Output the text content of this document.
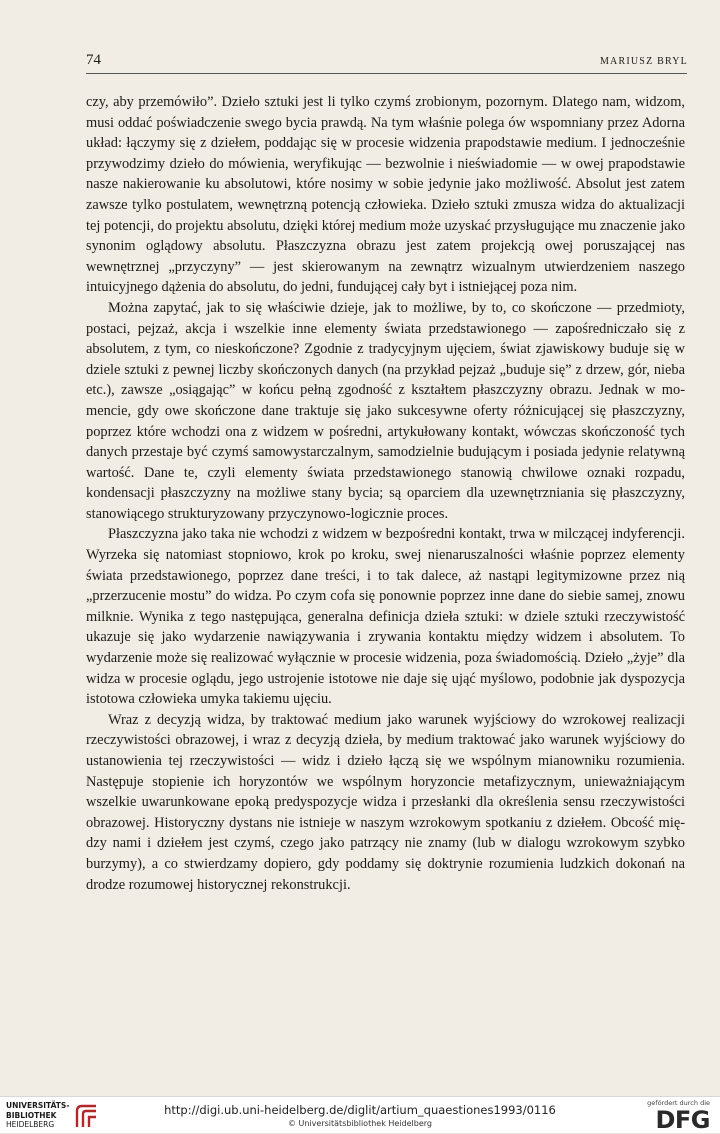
74	MARIUSZ BRYL

czy, aby przemówiło”. Dzieło sztuki jest li tylko czymś zrobionym, pozornym. Dlatego nam, widzom, musi oddać poświadczenie swego bycia prawdą. Na tym właśnie polega ów wspomniany przez Adorna układ: łączymy się z dziełem, poddając się w procesie widzenia prapodstawie medium. I jednocześnie przywodzimy dzieło do mówienia, weryfikując — bezwolnie i nieświadomie — w owej prapodstawie nasze nakierowanie ku absolutowi, które nosimy w sobie jedynie jako możliwość. Absolut jest zatem zawsze tylko postulatem, wewnętrzną potencją człowieka. Dzieło sztuki zmusza widza do aktualizacji tej potencji, do projektu absolutu, dzięki której medium może uzyskać przysługujące mu znaczenie jako synonim oglądowy absolutu. Płaszczyzna obrazu jest zatem projekcją owej poruszającej nas wewnętrznej „przyczyny” — jest skierowanym na zewnątrz wizualnym utwierdzeniem naszego intuicyjnego dążenia do absolutu, do jedni, fundującej cały byt i istniejącej poza nim.

Można zapytać, jak to się właściwie dzieje, jak to możliwe, by to, co skończone — przedmioty, postaci, pejzaż, akcja i wszelkie inne elementy świata przedstawionego — zapośredniczało się z absolutem, z tym, co nieskończone? Zgodnie z tradycyjnym ujęciem, świat zjawiskowy buduje się w dziele sztuki z pewnej liczby skończonych danych (na przykład pejzaż „buduje się” z drzew, gór, nieba etc.), zawsze „osiągając” w końcu pełną zgodność z kształtem płaszczyzny obrazu. Jednak w momencie, gdy owe skończone dane traktuje się jako sukcesywne oferty różnicującej się płaszczyzny, poprzez które wchodzi ona z widzem w pośredni, artykułowany kontakt, wówczas skończoność tych danych przestaje być czymś samowystarczalnym, samodzielnie budującym i posiada jedynie relatywną wartość. Dane te, czyli elementy świata przedstawionego stanowią chwilowe oznaki rozpadu, kondensacji płaszczyzny na możliwe stany bycia; są oparciem dla uzewnętrzniania się płaszczyzny, stanowiącego strukturyzowany przyczynowo-logicznie proces.

Płaszczyzna jako taka nie wchodzi z widzem w bezpośredni kontakt, trwa w milczącej indyferencji. Wyrzeka się natomiast stopniowo, krok po kroku, swej nienaruszalności właśnie poprzez elementy świata przedstawionego, poprzez dane treści, i to tak dalece, aż nastąpi legitymizowne przez nią „przerzucenie mostu” do widza. Po czym cofa się ponownie poprzez inne dane do siebie samej, znowu milknie. Wynika z tego następująca, generalna definicja dzieła sztuki: w dziele sztuki rzeczywistość ukazuje się jako wydarzenie nawiązywania i zrywania kontaktu między widzem i absolutem. To wydarzenie może się realizować wyłącznie w procesie widzenia, poza świadomością. Dzieło „żyje” dla widza w procesie oglądu, jego ustrojenie istotowe nie daje się ująć myślowo, podobnie jak dyspozycja istotowa człowieka umyka takiemu ujęciu.

Wraz z decyzją widza, by traktować medium jako warunek wyjściowy do wzrokowej realizacji rzeczywistości obrazowej, i wraz z decyzją dzieła, by medium traktować jako warunek wyjściowy do ustanowienia tej rzeczywistości — widz i dzieło łączą się we wspólnym mianowniku rozumienia. Następuje stopienie ich horyzontów we wspólnym horyzoncie metafizycznym, unieważniającym wszelkie uwarunkowane epoką predyspozycje widza i przesłanki dla określenia sensu rzeczywistości obrazowej. Historyczny dystans nie istnieje w naszym wzrokowym spotkaniu z dziełem. Obcość między nami i dziełem jest czymś, czego jako patrzący nie znamy (lub w dialogu wzrokowym szybko burzymy), a co stwierdzamy dopiero, gdy poddamy się doktrynie rozumienia ludzkich dokonań na drodze rozumowej historycznej rekonstrukcji.

UNIVERSITÄTS-
BIBLIOTHEK
HEIDELBERG
http://digi.ub.uni-heidelberg.de/diglit/artium_quaestiones1993/0116
© Universitätsbibliothek Heidelberg
gefördert durch die
DFG
